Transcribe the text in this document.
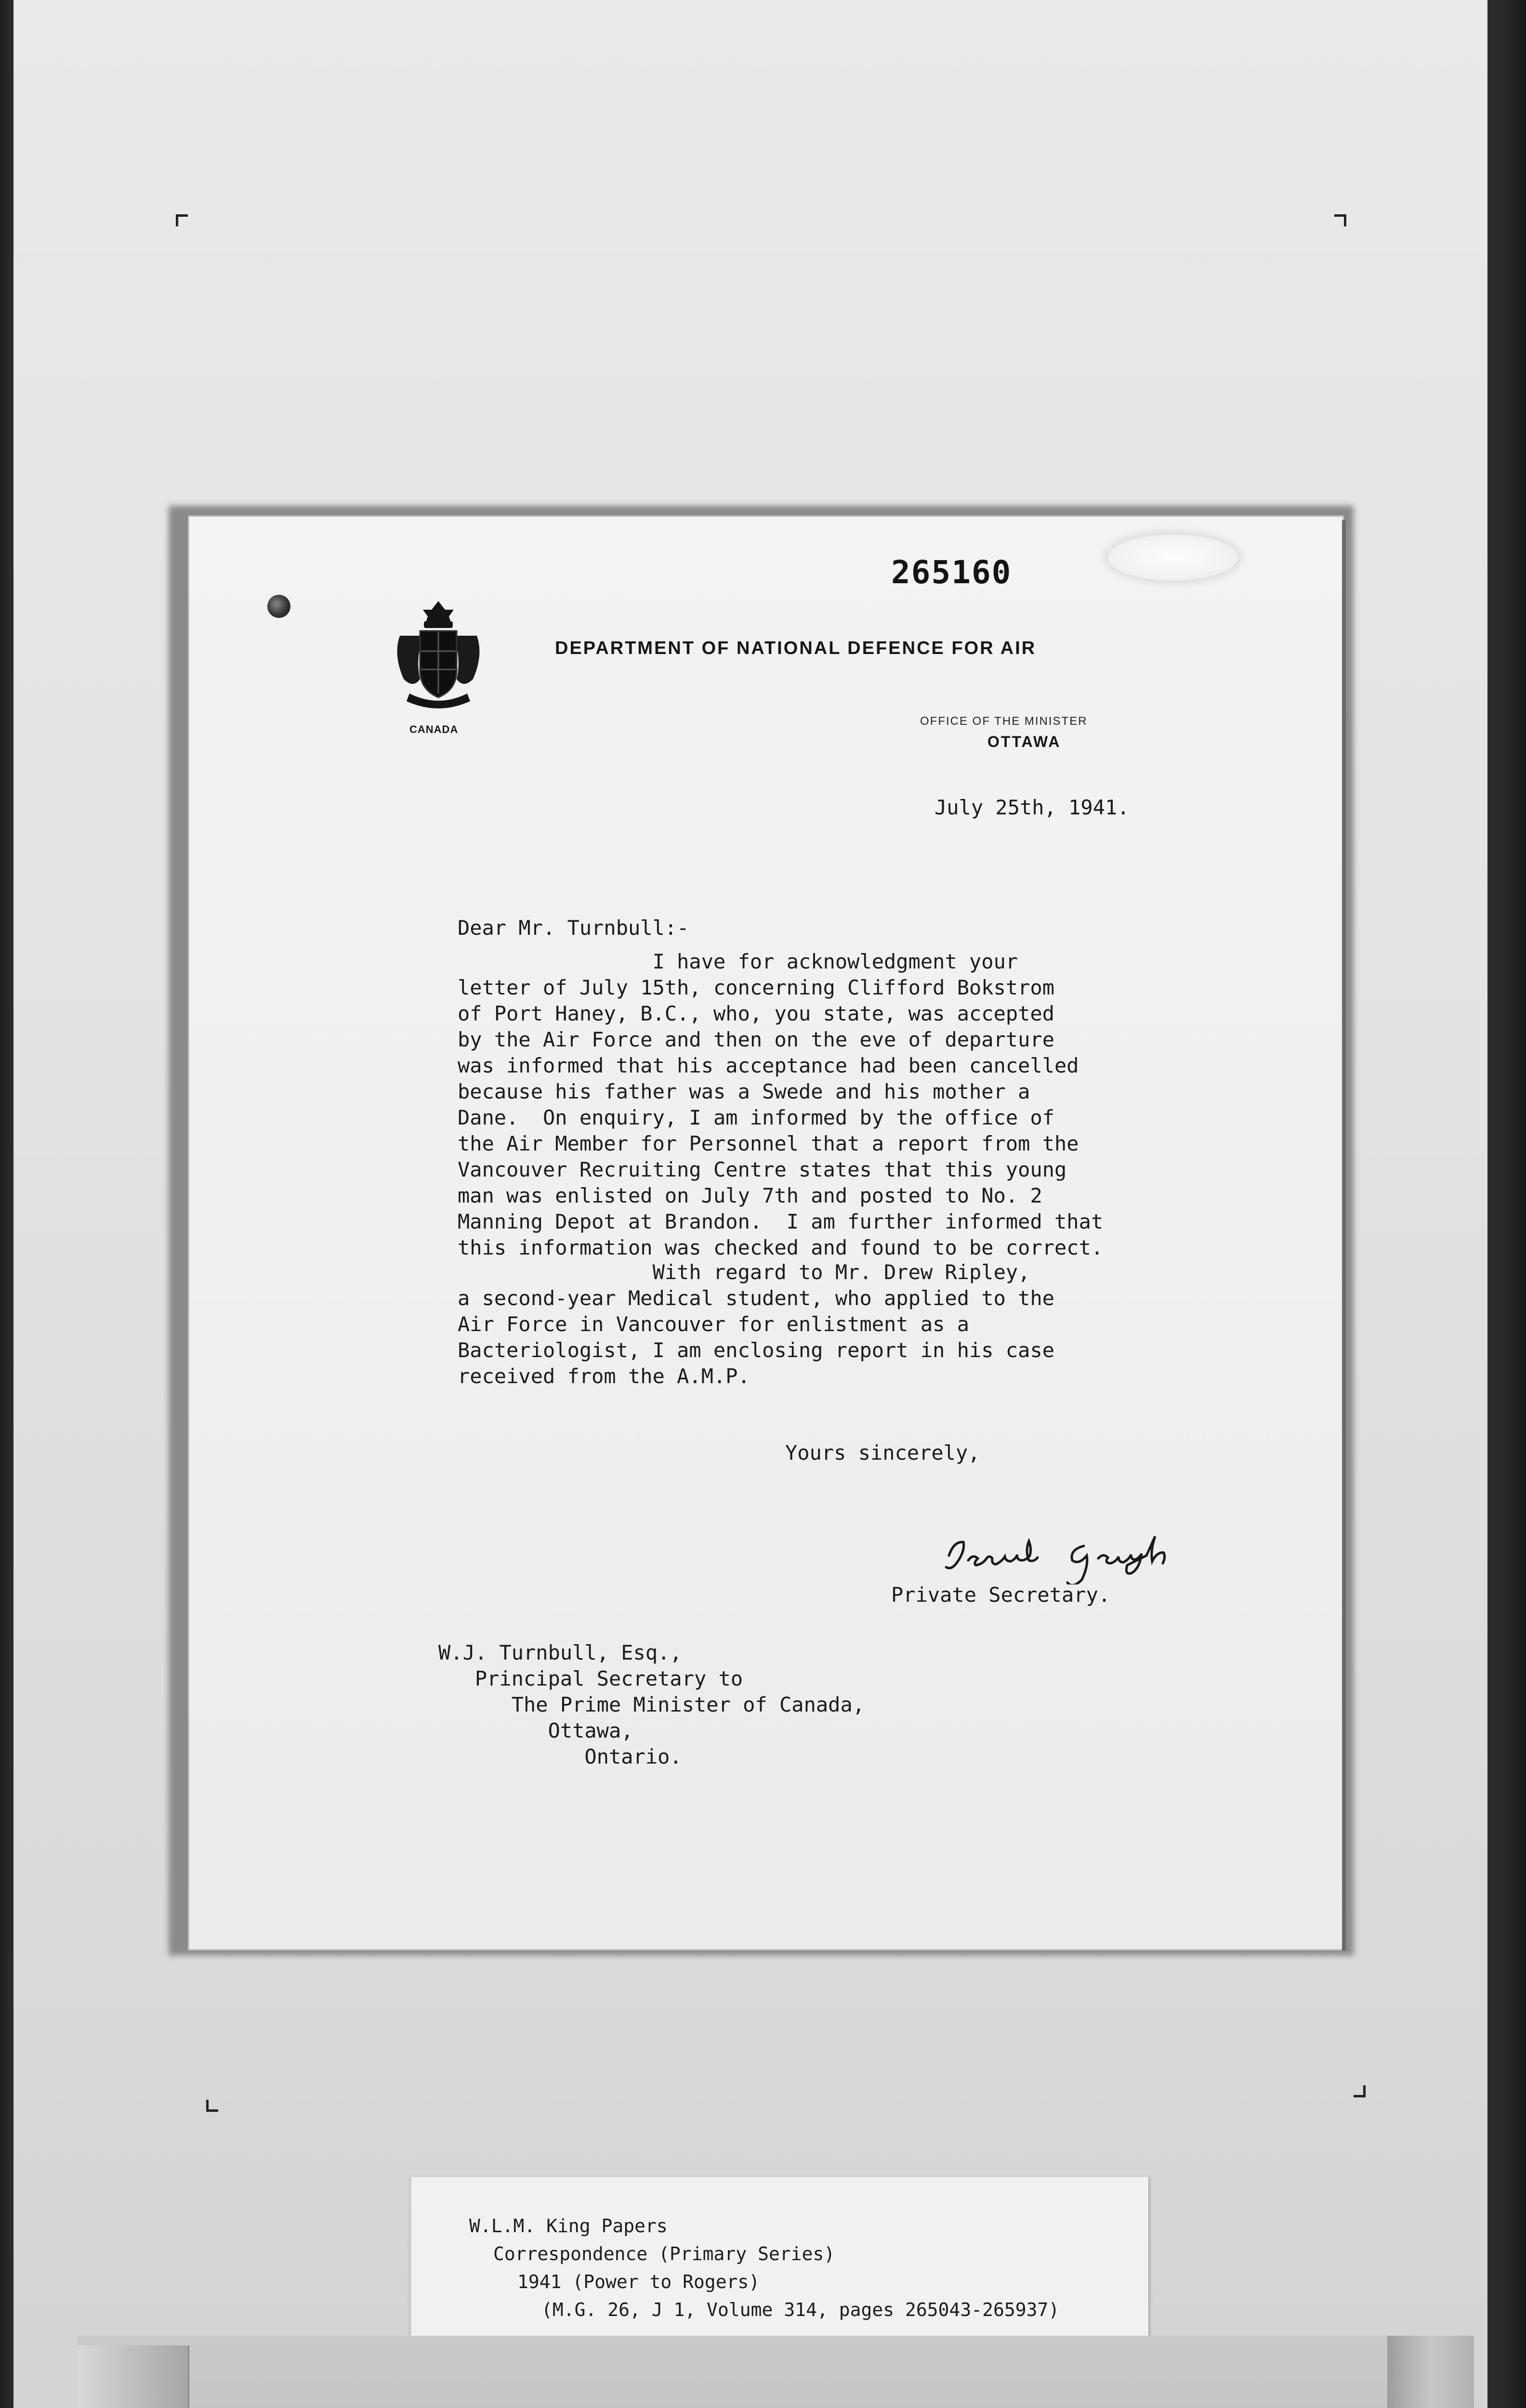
265160
CANADA
DEPARTMENT OF NATIONAL DEFENCE FOR AIR
OFFICE OF THE MINISTER
OTTAWA
July 25th, 1941.
Dear Mr. Turnbull:-
I have for acknowledgment your
letter of July 15th, concerning Clifford Bokstrom
of Port Haney, B.C., who, you state, was accepted
by the Air Force and then on the eve of departure
was informed that his acceptance had been cancelled
because his father was a Swede and his mother a
Dane.  On enquiry, I am informed by the office of
the Air Member for Personnel that a report from the
Vancouver Recruiting Centre states that this young
man was enlisted on July 7th and posted to No. 2
Manning Depot at Brandon.  I am further informed that
this information was checked and found to be correct.
With regard to Mr. Drew Ripley,
a second-year Medical student, who applied to the
Air Force in Vancouver for enlistment as a
Bacteriologist, I am enclosing report in his case
received from the A.M.P.
Yours sincerely,
Private Secretary.
W.J. Turnbull, Esq.,
Principal Secretary to
The Prime Minister of Canada,
Ottawa,
Ontario.
W.L.M. King Papers
Correspondence (Primary Series)
1941 (Power to Rogers)
(M.G. 26, J 1, Volume 314, pages 265043-265937)
